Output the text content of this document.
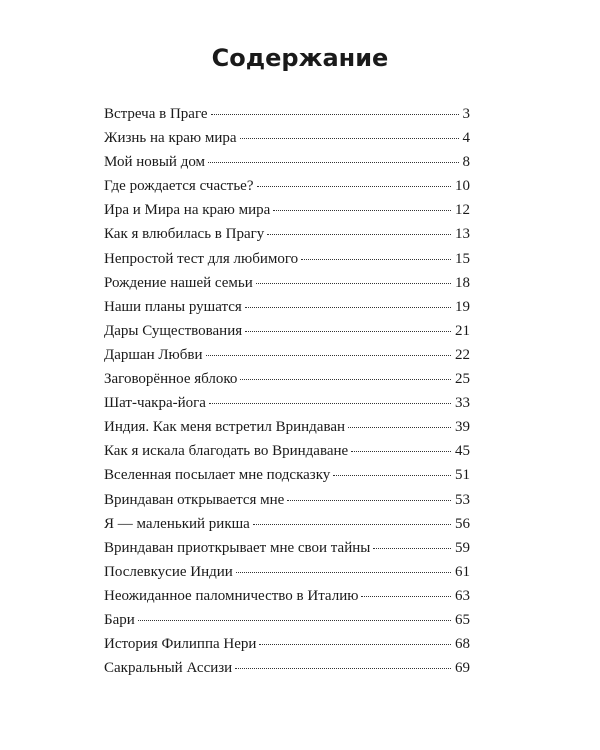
Содержание
Встреча в Праге	3
Жизнь на краю мира	4
Мой новый дом	8
Где рождается счастье?	10
Ира и Мира на краю мира	12
Как я влюбилась в Прагу	13
Непростой тест для любимого	15
Рождение нашей семьи	18
Наши планы рушатся	19
Дары Существования	21
Даршан Любви	22
Заговорённое яблоко	25
Шат-чакра-йога	33
Индия. Как меня встретил Вриндаван	39
Как я искала благодать во Вриндаване	45
Вселенная посылает мне подсказку	51
Вриндаван открывается мне	53
Я — маленький рикша	56
Вриндаван приоткрывает мне свои тайны	59
Послевкусие Индии	61
Неожиданное паломничество в Италию	63
Бари	65
История Филиппа Нери	68
Сакральный Ассизи	69
